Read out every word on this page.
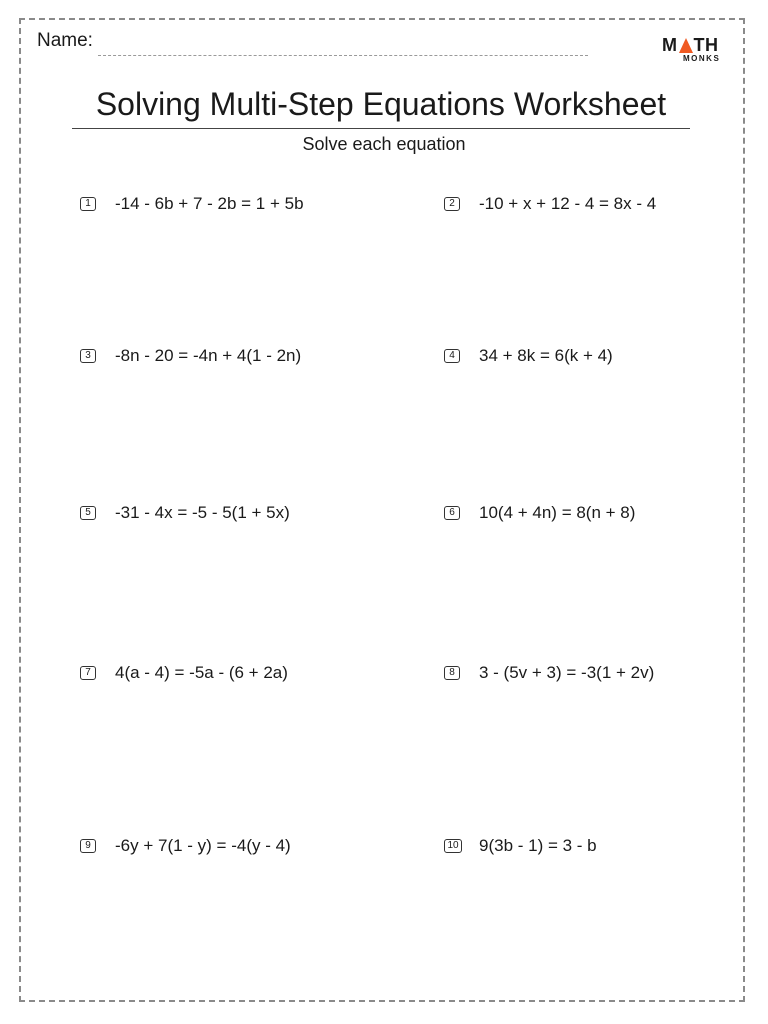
Name:	M TH
MONKS
Solving Multi-Step Equations Worksheet
Solve each equation
1	-14 - 6b + 7 - 2b = 1 + 5b	2	-10 + x + 12 - 4 = 8x - 4
3	-8n - 20 = -4n + 4(1 - 2n)	4	34 + 8k = 6(k + 4)
5	-31 - 4x = -5 - 5(1 + 5x)	6	10(4 + 4n) = 8(n + 8)
7	4(a - 4) = -5a - (6 + 2a)	8	3 - (5v + 3) = -3(1 + 2v)
9	-6y + 7(1 - y) = -4(y - 4)	10 9(3b - 1) = 3 - b
